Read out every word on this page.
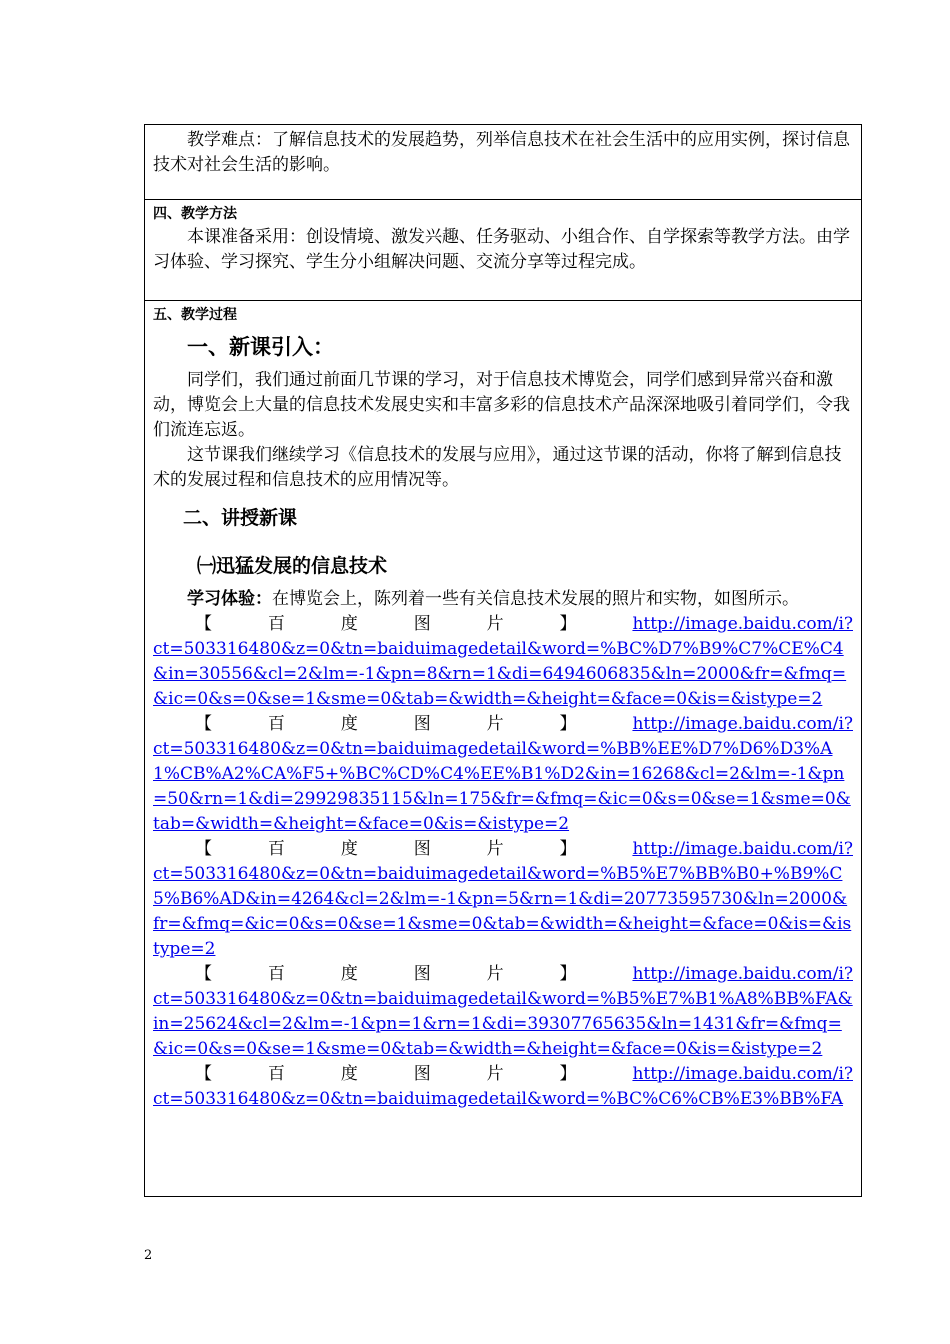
教学难点：了解信息技术的发展趋势，列举信息技术在社会生活中的应用实例，探讨信息技术对社会生活的影响。
四、教学方法
本课准备采用：创设情境、激发兴趣、任务驱动、小组合作、自学探索等教学方法。由学习体验、学习探究、学生分小组解决问题、交流分享等过程完成。
五、教学过程
一、新课引入：
同学们，我们通过前面几节课的学习，对于信息技术博览会，同学们感到异常兴奋和激动，博览会上大量的信息技术发展史实和丰富多彩的信息技术产品深深地吸引着同学们，令我们流连忘返。
这节课我们继续学习《信息技术的发展与应用》，通过这节课的活动，你将了解到信息技术的发展过程和信息技术的应用情况等。
二、讲授新课
㈠迅猛发展的信息技术
学习体验：在博览会上，陈列着一些有关信息技术发展的照片和实物，如图所示。
【	百	度	图	片	】	http://image.baidu.com/i?
ct=503316480&z=0&tn=baiduimagedetail&word=%BC%D7%B9%C7%CE%C4&in=30556&cl=2&lm=-1&pn=8&rn=1&di=6494606835&ln=2000&fr=&fmq=&ic=0&s=0&se=1&sme=0&tab=&width=&height=&face=0&is=&istype=2
【	百	度	图	片	】	http://image.baidu.com/i?
ct=503316480&z=0&tn=baiduimagedetail&word=%BB%EE%D7%D6%D3%A1%CB%A2%CA%F5+%BC%CD%C4%EE%B1%D2&in=16268&cl=2&lm=-1&pn=50&rn=1&di=29929835115&ln=175&fr=&fmq=&ic=0&s=0&se=1&sme=0&tab=&width=&height=&face=0&is=&istype=2
【	百	度	图	片	】	http://image.baidu.com/i?
ct=503316480&z=0&tn=baiduimagedetail&word=%B5%E7%BB%B0+%B9%C5%B6%AD&in=4264&cl=2&lm=-1&pn=5&rn=1&di=20773595730&ln=2000&fr=&fmq=&ic=0&s=0&se=1&sme=0&tab=&width=&height=&face=0&is=&istype=2
【	百	度	图	片	】	http://image.baidu.com/i?
ct=503316480&z=0&tn=baiduimagedetail&word=%B5%E7%B1%A8%BB%FA&in=25624&cl=2&lm=-1&pn=1&rn=1&di=39307765635&ln=1431&fr=&fmq=&ic=0&s=0&se=1&sme=0&tab=&width=&height=&face=0&is=&istype=2
【	百	度	图	片	】	http://image.baidu.com/i?
ct=503316480&z=0&tn=baiduimagedetail&word=%BC%C6%CB%E3%BB%FA
2
